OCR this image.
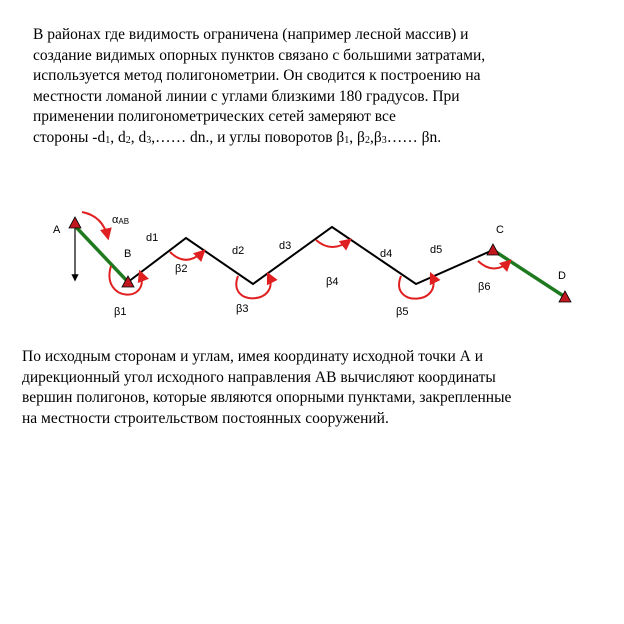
В районах где видимость ограничена (например лесной массив) и
создание видимых опорных пунктов связано с большими затратами,
используется метод полигонометрии. Он сводится к построению на
местности ломаной линии с углами близкими 180 градусов. При
применении полигонометрических сетей замеряют все
стороны -d1, d2, d3,…… dn., и углы поворотов β1, β2,β3…… βn.
A
B
C
D
αAB
d1
d2	d3
d4	d5
β1
β2
β3
β4
β5
β6
По исходным сторонам и углам, имея координату исходной точки А и
дирекционный угол исходного направления АВ вычисляют координаты
вершин полигонов, которые являются опорными пунктами, закрепленные
на местности строительством постоянных сооружений.
